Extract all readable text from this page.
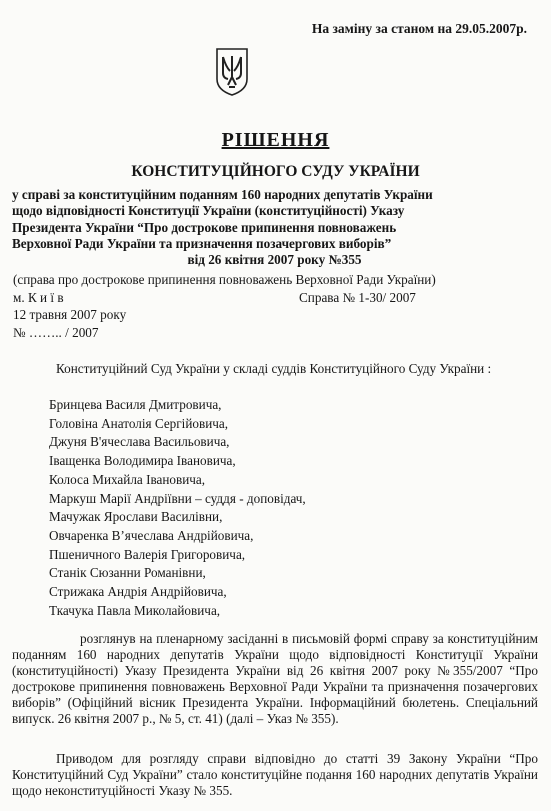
На заміну за станом на 29.05.2007р.
РІШЕННЯ
КОНСТИТУЦІЙНОГО СУДУ УКРАЇНИ
у справі за конституційним поданням 160 народних депутатів України
щодо відповідності Конституції України (конституційності) Указу
Президента України “Про дострокове припинення повноважень
Верховної Ради України та призначення позачергових виборів”
від 26 квітня 2007 року №355
(справа про дострокове припинення повноважень Верховної Ради України)
м. К и ї в	Справа № 1-30/ 2007
12 травня 2007 року
№ …….. / 2007
Конституційний Суд України у складі суддів Конституційного Суду України :
Бринцева Василя Дмитровича,
Головіна Анатолія Сергійовича,
Джуня В'ячеслава Васильовича,
Іващенка Володимира Івановича,
Колоса Михайла Івановича,
Маркуш Марії Андріївни – суддя - доповідач,
Мачужак Ярослави Василівни,
Овчаренка В’ячеслава Андрійовича,
Пшеничного Валерія Григоровича,
Станік Сюзанни Романівни,
Стрижака Андрія Андрійовича,
Ткачука Павла Миколайовича,
розглянув на пленарному засіданні в письмовій формі справу за конституційним поданням 160 народних депутатів України щодо відповідності Конституції України (конституційності) Указу Президента України від 26 квітня 2007 року №355/2007 “Про дострокове припинення повноважень Верховної Ради України та призначення позачергових виборів” (Офіційний вісник Президента України. Інформаційний бюлетень. Спеціальний випуск. 26 квітня 2007 р., № 5, ст. 41) (далі – Указ № 355).
Приводом для розгляду справи відповідно до статті 39 Закону України “Про Конституційний Суд України” стало конституційне подання 160 народних депутатів України щодо неконституційності Указу № 355.
